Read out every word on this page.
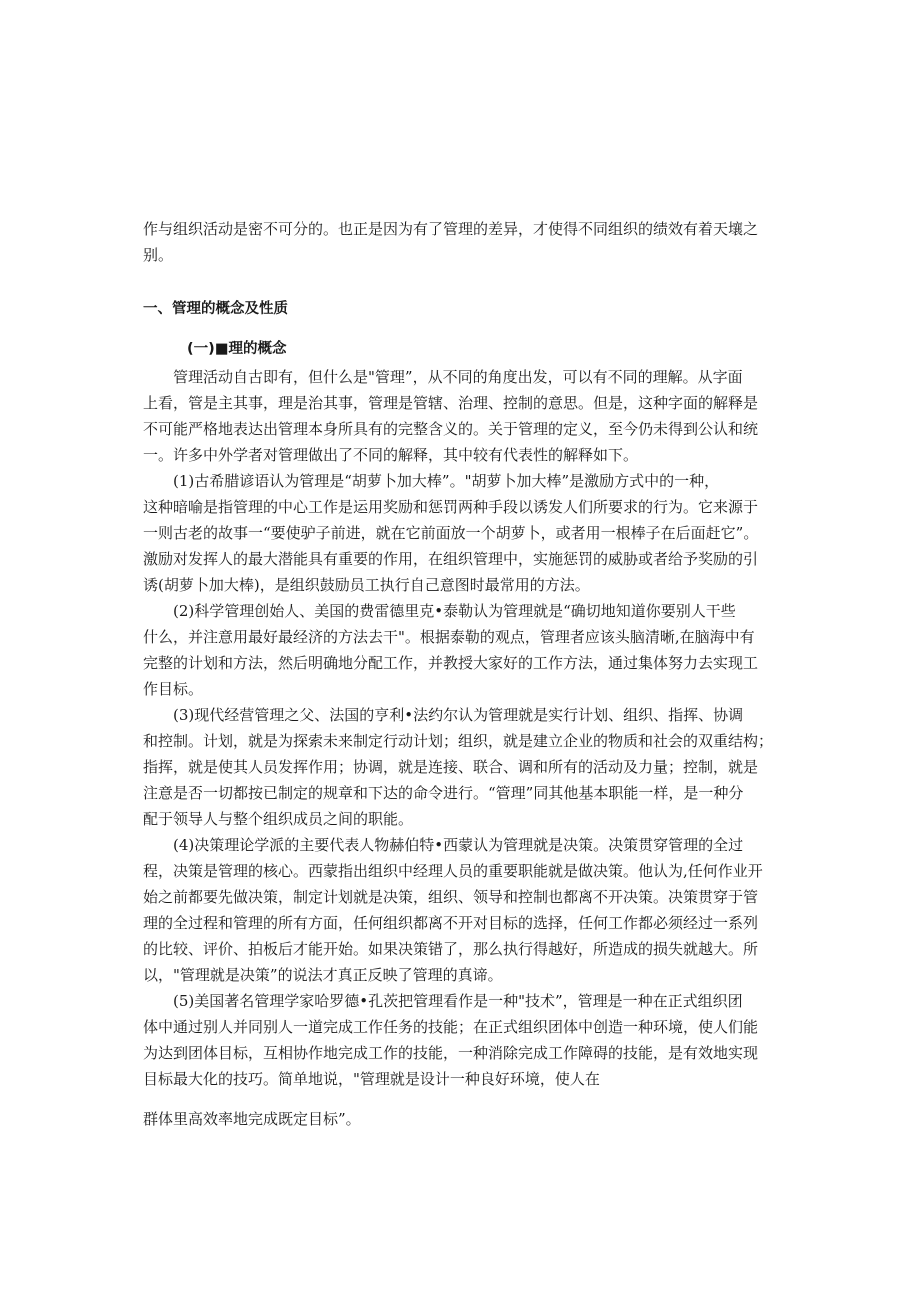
作与组织活动是密不可分的。也正是因为有了管理的差异，才使得不同组织的绩效有着天壤之
别。
一、管理的概念及性质
(一)■理的概念
管理活动自古即有，但什么是"管理”，从不同的角度出发，可以有不同的理解。从字面
上看，管是主其事，理是治其事，管理是管辖、治理、控制的意思。但是，这种字面的解释是
不可能严格地表达出管理本身所具有的完整含义的。关于管理的定义，至今仍未得到公认和统
一。许多中外学者对管理做出了不同的解释，其中较有代表性的解释如下。
(1)古希腊谚语认为管理是“胡萝卜加大棒”。"胡萝卜加大棒”是激励方式中的一种，
这种暗喻是指管理的中心工作是运用奖励和惩罚两种手段以诱发人们所要求的行为。它来源于
一则古老的故事一“要使驴子前进，就在它前面放一个胡萝卜，或者用一根棒子在后面赶它”。
激励对发挥人的最大潜能具有重要的作用，在组织管理中，实施惩罚的威胁或者给予奖励的引
诱(胡萝卜加大棒)，是组织鼓励员工执行自己意图时最常用的方法。
(2)科学管理创始人、美国的费雷德里克•泰勒认为管理就是“确切地知道你要别人干些
什么，并注意用最好最经济的方法去干"。根据泰勒的观点，管理者应该头脑清晰,在脑海中有
完整的计划和方法，然后明确地分配工作，并教授大家好的工作方法，通过集体努力去实现工
作目标。
(3)现代经营管理之父、法国的亨利•法约尔认为管理就是实行计划、组织、指挥、协调
和控制。计划，就是为探索未来制定行动计划；组织，就是建立企业的物质和社会的双重结构；
指挥，就是使其人员发挥作用；协调，就是连接、联合、调和所有的活动及力量；控制，就是
注意是否一切都按已制定的规章和下达的命令进行。“管理”同其他基本职能一样，是一种分
配于领导人与整个组织成员之间的职能。
(4)决策理论学派的主要代表人物赫伯特•西蒙认为管理就是决策。决策贯穿管理的全过
程，决策是管理的核心。西蒙指出组织中经理人员的重要职能就是做决策。他认为,任何作业开
始之前都要先做决策，制定计划就是决策，组织、领导和控制也都离不开决策。决策贯穿于管
理的全过程和管理的所有方面，任何组织都离不开对目标的选择，任何工作都必须经过一系列
的比较、评价、拍板后才能开始。如果决策错了，那么执行得越好，所造成的损失就越大。所
以，"管理就是决策”的说法才真正反映了管理的真谛。
(5)美国著名管理学家哈罗德•孔茨把管理看作是一种"技术”，管理是一种在正式组织团
体中通过别人并同别人一道完成工作任务的技能；在正式组织团体中创造一种环境，使人们能
为达到团体目标，互相协作地完成工作的技能，一种消除完成工作障碍的技能，是有效地实现
目标最大化的技巧。简单地说，"管理就是设计一种良好环境，使人在
群体里高效率地完成既定目标”。
